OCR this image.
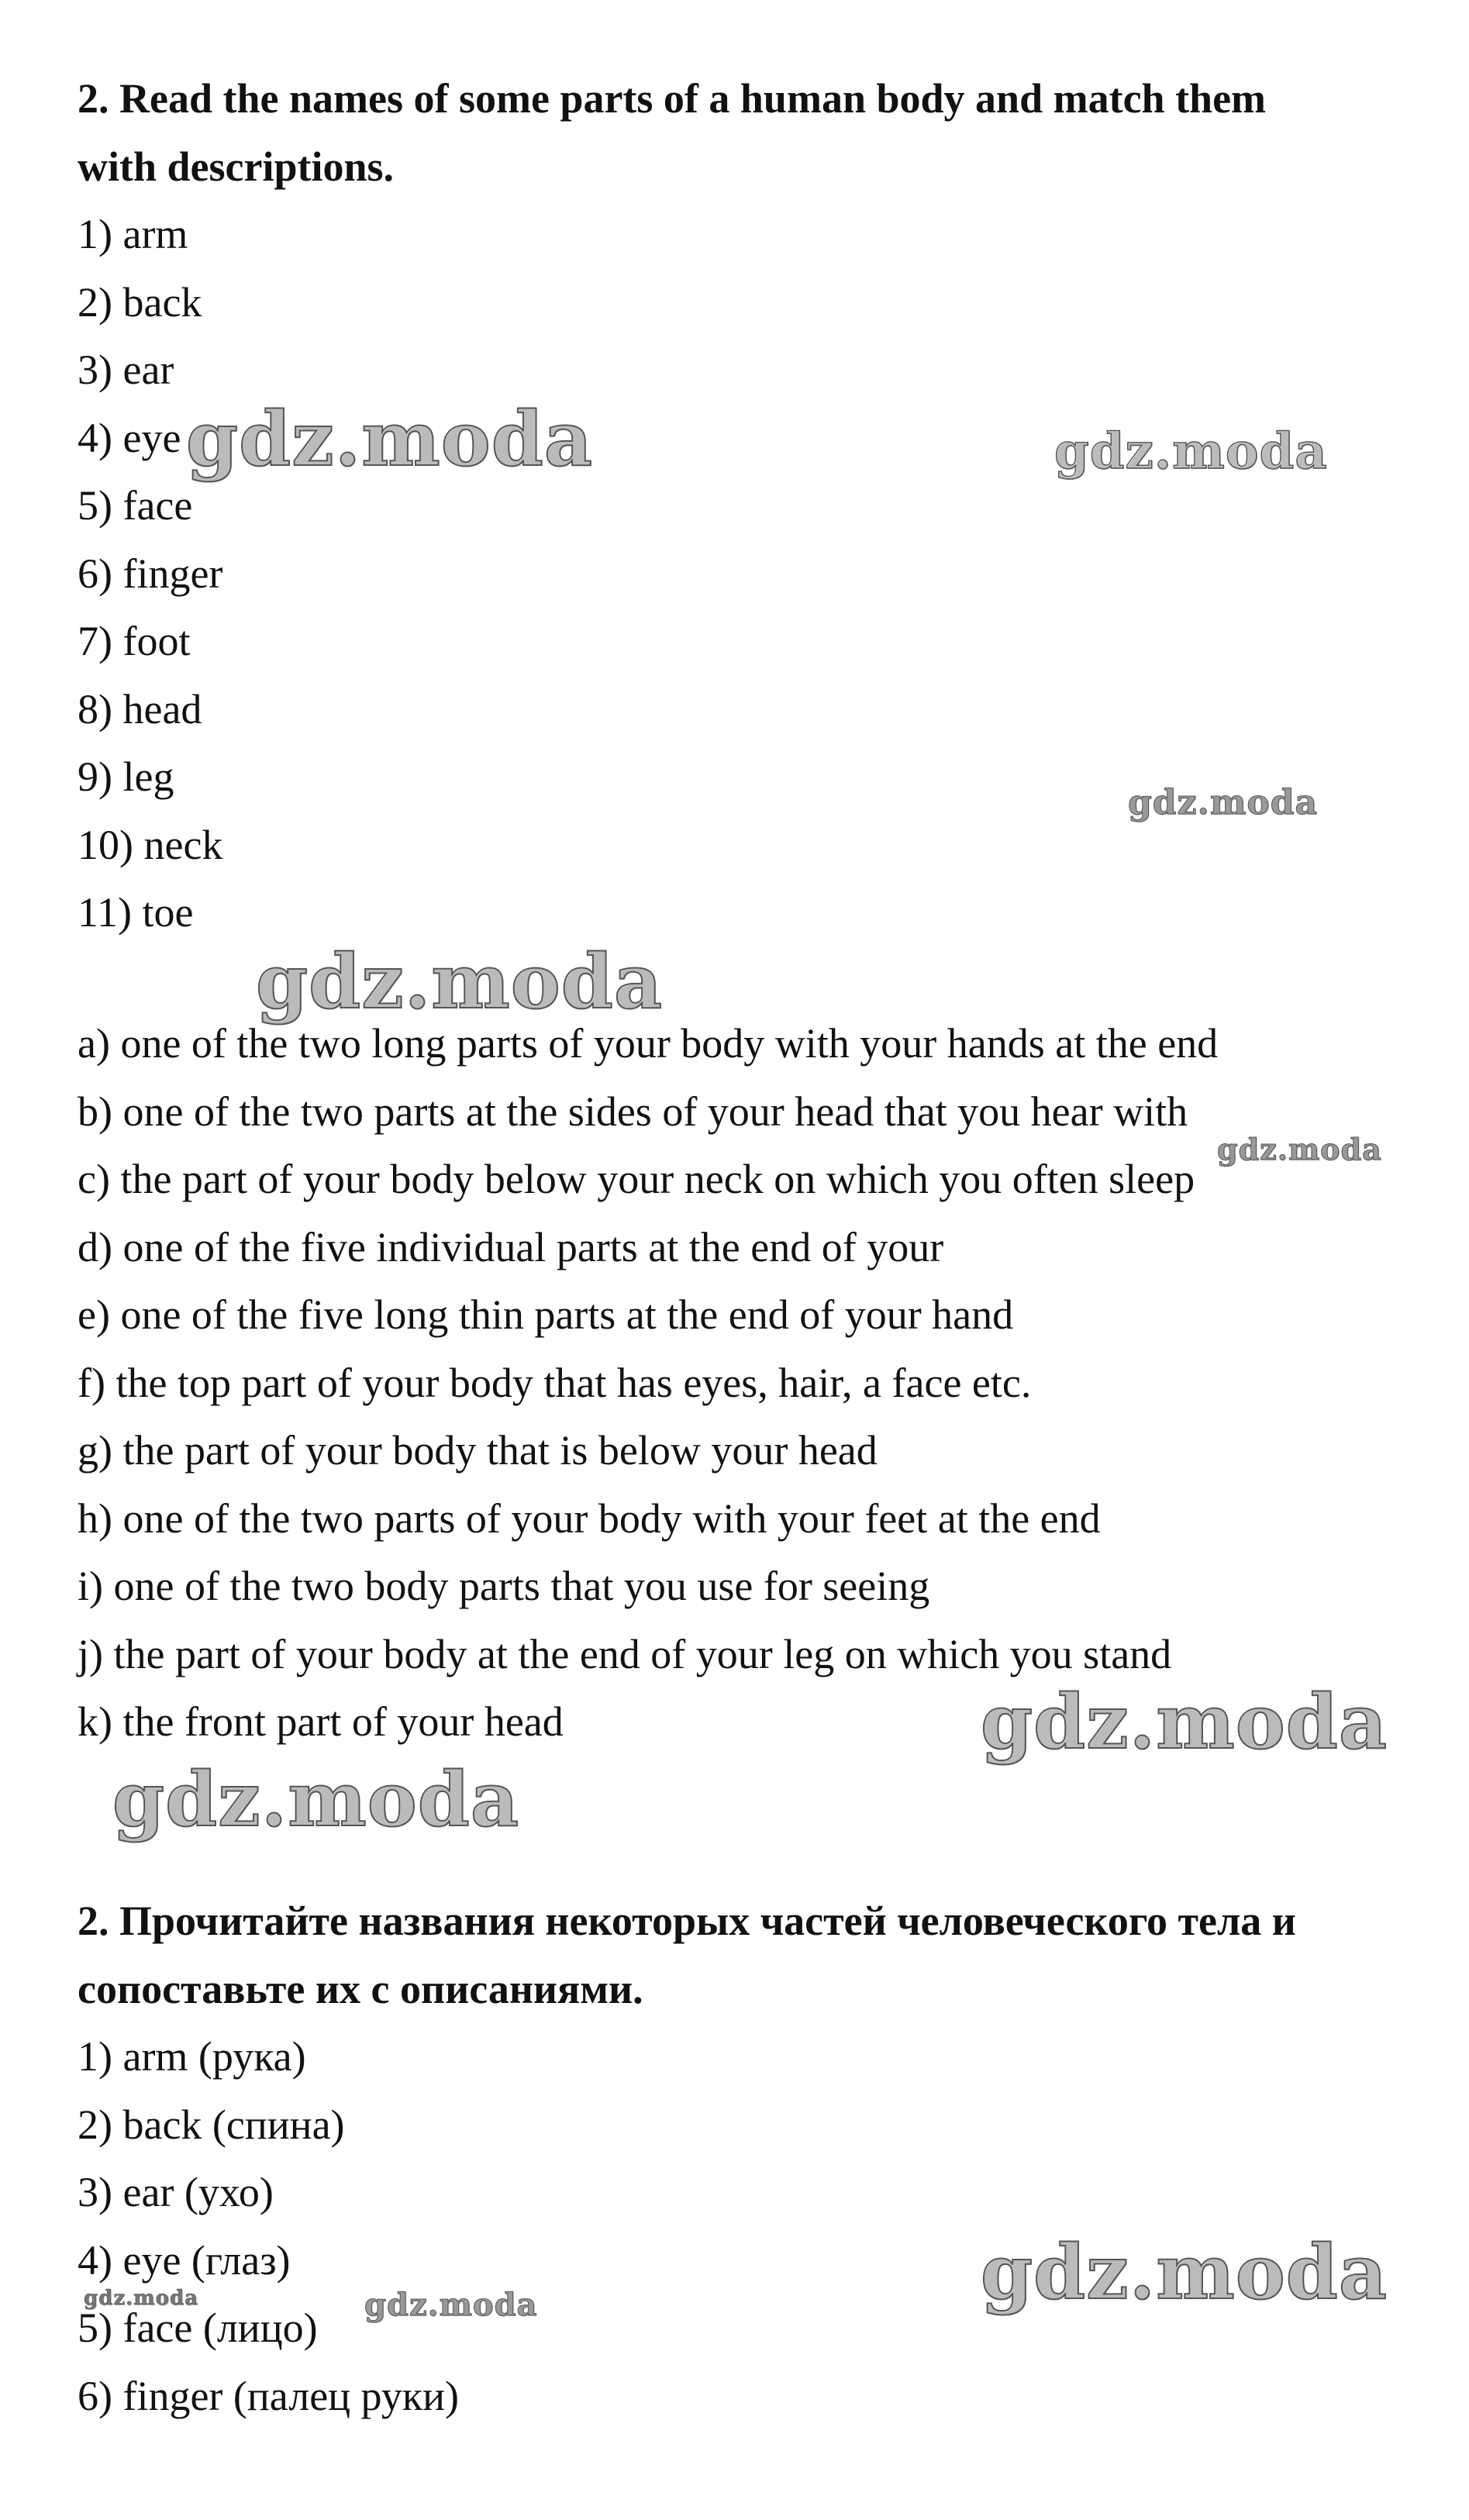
2. Read the names of some parts of a human body and match them
with descriptions.
1) arm
2) back
3) ear
4) eye
5) face
6) finger
7) foot
8) head
9) leg
10) neck
11) toe
a) one of the two long parts of your body with your hands at the end
b) one of the two parts at the sides of your head that you hear with
c) the part of your body below your neck on which you often sleep
d) one of the five individual parts at the end of your
e) one of the five long thin parts at the end of your hand
f) the top part of your body that has eyes, hair, a face etc.
g) the part of your body that is below your head
h) one of the two parts of your body with your feet at the end
i) one of the two body parts that you use for seeing
j) the part of your body at the end of your leg on which you stand
k) the front part of your head
2. Прочитайте названия некоторых частей человеческого тела и
сопоставьте их с описаниями.
1) arm (рука)
2) back (спина)
3) ear (ухо)
4) eye (глаз)
5) face (лицо)
6) finger (палец руки)
gdz.moda	gdz.moda
gdz.moda
gdz.moda
gdz.moda
gdz.moda
gdz.moda
gdz.moda
gdz.moda	gdz.moda
